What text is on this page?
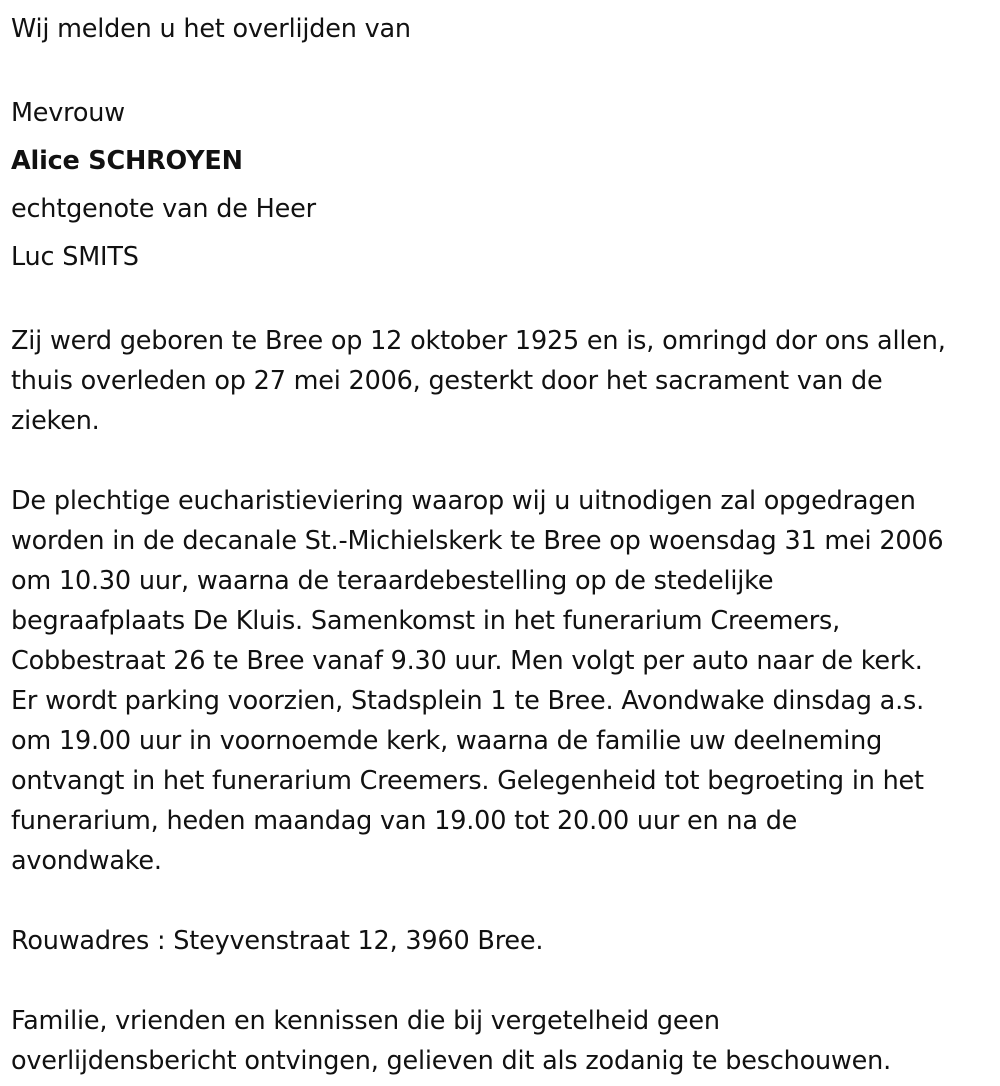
Wij melden u het overlijden van
Mevrouw
Alice SCHROYEN
echtgenote van de Heer
Luc SMITS
Zij werd geboren te Bree op 12 oktober 1925 en is, omringd dor ons allen,
thuis overleden op 27 mei 2006, gesterkt door het sacrament van de
zieken.
De plechtige eucharistieviering waarop wij u uitnodigen zal opgedragen
worden in de decanale St.-Michielskerk te Bree op woensdag 31 mei 2006
om 10.30 uur, waarna de teraardebestelling op de stedelijke
begraafplaats De Kluis. Samenkomst in het funerarium Creemers,
Cobbestraat 26 te Bree vanaf 9.30 uur. Men volgt per auto naar de kerk.
Er wordt parking voorzien, Stadsplein 1 te Bree. Avondwake dinsdag a.s.
om 19.00 uur in voornoemde kerk, waarna de familie uw deelneming
ontvangt in het funerarium Creemers. Gelegenheid tot begroeting in het
funerarium, heden maandag van 19.00 tot 20.00 uur en na de
avondwake.
Rouwadres : Steyvenstraat 12, 3960 Bree.
Familie, vrienden en kennissen die bij vergetelheid geen
overlijdensbericht ontvingen, gelieven dit als zodanig te beschouwen.
